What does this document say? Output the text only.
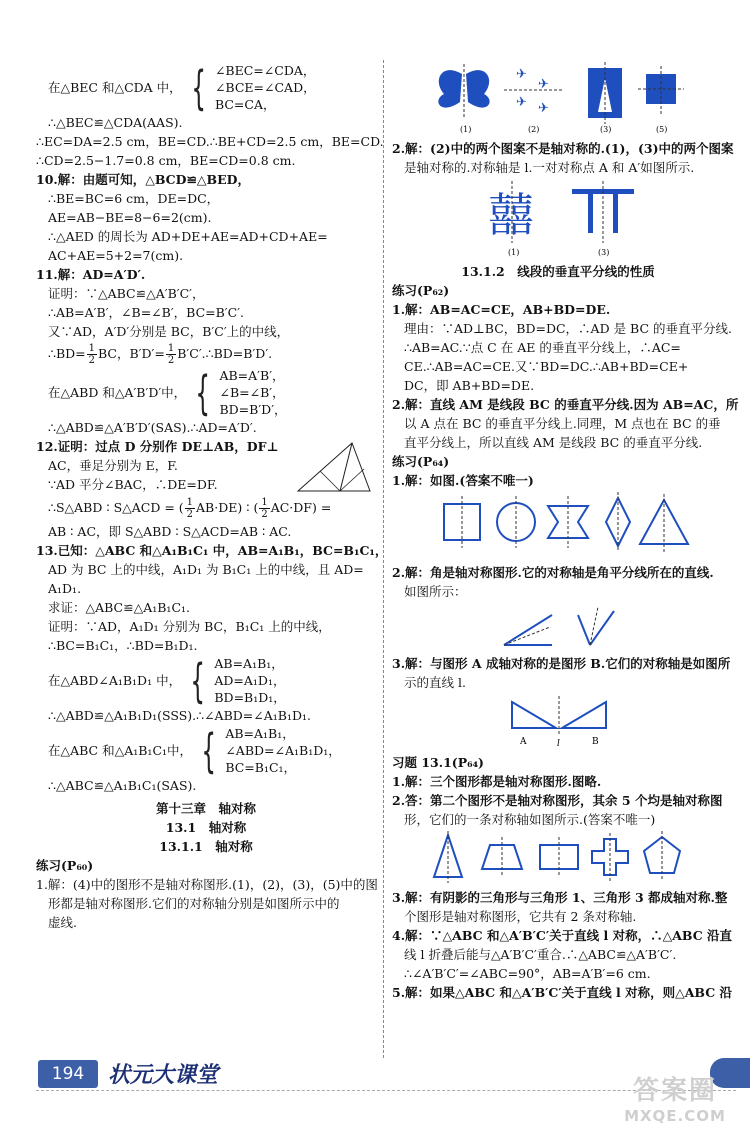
在△BEC 和△CDA 中， { ∠BEC=∠CDA，
∠BCE=∠CAD，
BC=CA，
∴△BEC≌△CDA(AAS).
∴EC=DA=2.5 cm，BE=CD.∴BE+CD=2.5 cm，BE=CD.
∴CD=2.5−1.7=0.8 cm，BE=CD=0.8 cm.
10.解：由题可知，△BCD≌△BED，
∴BE=BC=6 cm，DE=DC，
AE=AB−BE=8−6=2(cm).
∴△AED 的周长为 AD+DE+AE=AD+CD+AE=
AC+AE=5+2=7(cm).
11.解：AD=A′D′.
证明：∵△ABC≌△A′B′C′，
∴AB=A′B′，∠B=∠B′，BC=B′C′.
又∵AD，A′D′分别是 BC，B′C′上的中线，
∴BD= $\frac{1}{2}$ BC，$B'D'= \frac{1}{2}$ B′C′.∴BD=B′D′.
在△ABD 和△A′B′D′中， { AB=A′B′，
∠B=∠B′，
BD=B′D′，
∴△ABD≌△A′B′D′(SAS).∴AD=A′D′.
12.证明：过点 D 分别作 DE⊥AB，DF⊥
AC，垂足分别为 E，F.
∵AD 平分∠BAC，∴DE=DF.
∴S△ABD ∶ S△ACD = ( $\frac{1}{2} AB\cdot DE$) ∶ ( $\frac{1}{2} AC\cdot DF$) =
AB ∶ AC，即 S△ABD ∶ S△ACD=AB ∶ AC.
13.已知：△ABC 和△A₁B₁C₁ 中，AB=A₁B₁，BC=B₁C₁，
AD 为 BC 上的中线，A₁D₁ 为 B₁C₁ 上的中线，且 AD=
A₁D₁.
求证：△ABC≌△A₁B₁C₁.
证明：∵AD，A₁D₁ 分别为 BC，B₁C₁ 上的中线，
∴BC=B₁C₁，∴BD=B₁D₁.
在△ABD∠A₁B₁D₁ 中， { AB=A₁B₁，
AD=A₁D₁，
BD=B₁D₁，
∴△ABD≌△A₁B₁D₁(SSS).∴∠ABD=∠A₁B₁D₁.
在△ABC 和△A₁B₁C₁中， { AB=A₁B₁，
∠ABD=∠A₁B₁D₁，
BC=B₁C₁，
∴△ABC≌△A₁B₁C₁(SAS).
第十三章　轴对称
13.1　轴对称
13.1.1　轴对称
练习(P₆₀)
1.解：(4)中的图形不是轴对称图形.(1)，(2)，(3)，(5)中的图
形都是轴对称图形.它们的对称轴分别是如图所示中的
虚线.
✈
✈
✈ ✈
(1)	(2)	(3)	(5)
2.解：(2)中的两个图案不是轴对称的.(1)，(3)中的两个图案
是轴对称的.对称轴是 l.一对对称点 A 和 A′如图所示.
囍
(1)	(3)
13.1.2　线段的垂直平分线的性质
练习(P₆₂)
1.解：AB=AC=CE，AB+BD=DE.
理由：∵AD⊥BC，BD=DC，∴AD 是 BC 的垂直平分线.
∴AB=AC.∵点 C 在 AE 的垂直平分线上，∴AC=
CE.∴AB=AC=CE.又∵BD=DC.∴AB+BD=CE+
DC，即 AB+BD=DE.
2.解：直线 AM 是线段 BC 的垂直平分线.因为 AB=AC，所
以 A 点在 BC 的垂直平分线上.同理，M 点也在 BC 的垂
直平分线上，所以直线 AM 是线段 BC 的垂直平分线.
练习(P₆₄)
1.解：如图.(答案不唯一)
2.解：角是轴对称图形.它的对称轴是角平分线所在的直线.
如图所示：
3.解：与图形 A 成轴对称的是图形 B.它们的对称轴是如图所
示的直线 l.
A	l	B
习题 13.1(P₆₄)
1.解：三个图形都是轴对称图形.图略.
2.答：第二个图形不是轴对称图形，其余 5 个均是轴对称图
形，它们的一条对称轴如图所示.(答案不唯一)
3.解：有阴影的三角形与三角形 1、三角形 3 都成轴对称.整
个图形是轴对称图形，它共有 2 条对称轴.
4.解：∵△ABC 和△A′B′C′关于直线 l 对称，∴△ABC 沿直
线 l 折叠后能与△A′B′C′重合.∴△ABC≌△A′B′C′.
∴∠A′B′C′=∠ABC=90°，AB=A′B′=6 cm.
5.解：如果△ABC 和△A′B′C′关于直线 l 对称，则△ABC 沿
194	状元大课堂
答案圈
MXQE.COM
